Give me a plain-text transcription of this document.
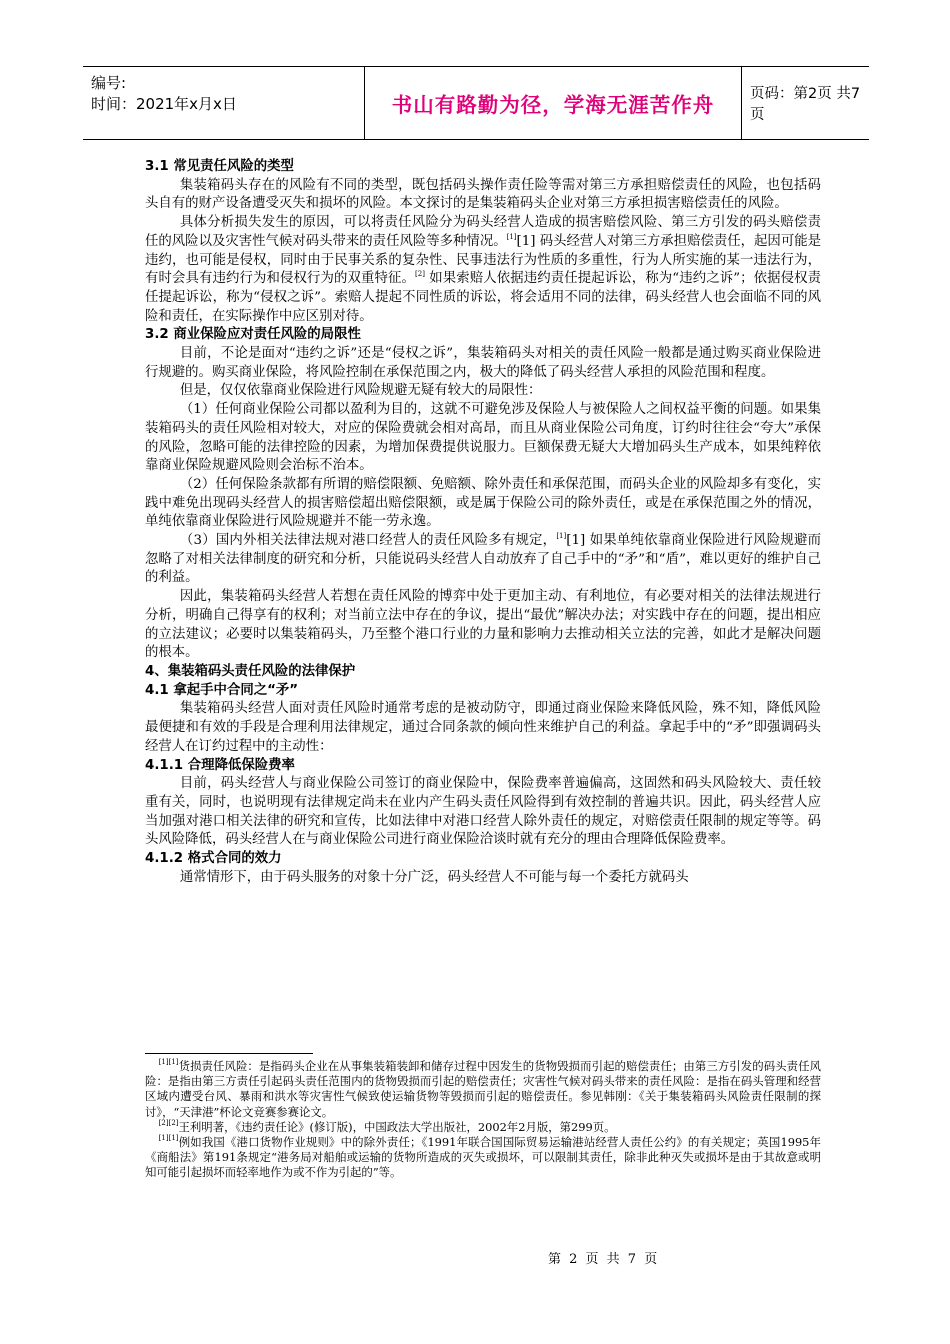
编号:
时间：2021年x月x日	书山有路勤为径，学海无涯苦作舟	页码：第2页 共7页

3.1 常见责任风险的类型

集装箱码头存在的风险有不同的类型，既包括码头操作责任险等需对第三方承担赔偿责任的风险，也包括码头自有的财产设备遭受灭失和损坏的风险。本文探讨的是集装箱码头企业对第三方承担损害赔偿责任的风险。

具体分析损失发生的原因，可以将责任风险分为码头经营人造成的损害赔偿风险、第三方引发的码头赔偿责任的风险以及灾害性气候对码头带来的责任风险等多种情况。[1][1] 码头经营人对第三方承担赔偿责任，起因可能是违约，也可能是侵权，同时由于民事关系的复杂性、民事违法行为性质的多重性，行为人所实施的某一违法行为，有时会具有违约行为和侵权行为的双重特征。[2] 如果索赔人依据违约责任提起诉讼，称为“违约之诉”；依据侵权责任提起诉讼，称为“侵权之诉”。索赔人提起不同性质的诉讼，将会适用不同的法律，码头经营人也会面临不同的风险和责任，在实际操作中应区别对待。

3.2 商业保险应对责任风险的局限性

目前，不论是面对“违约之诉”还是“侵权之诉”，集装箱码头对相关的责任风险一般都是通过购买商业保险进行规避的。购买商业保险，将风险控制在承保范围之内，极大的降低了码头经营人承担的风险范围和程度。

但是，仅仅依靠商业保险进行风险规避无疑有较大的局限性：

（1）任何商业保险公司都以盈利为目的，这就不可避免涉及保险人与被保险人之间权益平衡的问题。如果集装箱码头的责任风险相对较大，对应的保险费就会相对高昂，而且从商业保险公司角度，订约时往往会“夸大”承保的风险，忽略可能的法律控险的因素，为增加保费提供说服力。巨额保费无疑大大增加码头生产成本，如果纯粹依靠商业保险规避风险则会治标不治本。

（2）任何保险条款都有所谓的赔偿限额、免赔额、除外责任和承保范围，而码头企业的风险却多有变化，实践中难免出现码头经营人的损害赔偿超出赔偿限额，或是属于保险公司的除外责任，或是在承保范围之外的情况，单纯依靠商业保险进行风险规避并不能一劳永逸。

（3）国内外相关法律法规对港口经营人的责任风险多有规定，[1][1] 如果单纯依靠商业保险进行风险规避而忽略了对相关法律制度的研究和分析，只能说码头经营人自动放弃了自己手中的“矛”和“盾”，难以更好的维护自己的利益。

因此，集装箱码头经营人若想在责任风险的博弈中处于更加主动、有利地位，有必要对相关的法律法规进行分析，明确自己得享有的权利；对当前立法中存在的争议，提出“最优”解决办法；对实践中存在的问题，提出相应的立法建议；必要时以集装箱码头，乃至整个港口行业的力量和影响力去推动相关立法的完善，如此才是解决问题的根本。

4、集装箱码头责任风险的法律保护

4.1 拿起手中合同之“矛”

集装箱码头经营人面对责任风险时通常考虑的是被动防守，即通过商业保险来降低风险，殊不知，降低风险最便捷和有效的手段是合理利用法律规定，通过合同条款的倾向性来维护自己的利益。拿起手中的“矛”即强调码头经营人在订约过程中的主动性：

4.1.1 合理降低保险费率

目前，码头经营人与商业保险公司签订的商业保险中，保险费率普遍偏高，这固然和码头风险较大、责任较重有关，同时，也说明现有法律规定尚未在业内产生码头责任风险得到有效控制的普遍共识。因此，码头经营人应当加强对港口相关法律的研究和宣传，比如法律中对港口经营人除外责任的规定，对赔偿责任限制的规定等等。码头风险降低，码头经营人在与商业保险公司进行商业保险洽谈时就有充分的理由合理降低保险费率。

4.1.2 格式合同的效力

通常情形下，由于码头服务的对象十分广泛，码头经营人不可能与每一个委托方就码头

[1][1]货损责任风险：是指码头企业在从事集装箱装卸和储存过程中因发生的货物毁损而引起的赔偿责任；由第三方引发的码头责任风险：是指由第三方责任引起码头责任范围内的货物毁损而引起的赔偿责任；灾害性气候对码头带来的责任风险：是指在码头管理和经营区域内遭受台风、暴雨和洪水等灾害性气候致使运输货物等毁损而引起的赔偿责任。参见韩刚：《关于集装箱码头风险责任限制的探讨》，“天津港”杯论文竞赛参赛论文。

[2][2]王利明著，《违约责任论》(修订版)，中国政法大学出版社，2002年2月版，第299页。

[1][1]例如我国《港口货物作业规则》中的除外责任；《1991年联合国国际贸易运输港站经营人责任公约》的有关规定；英国1995年《商船法》第191条规定“港务局对船舶或运输的货物所造成的灭失或损坏，可以限制其责任，除非此种灭失或损坏是由于其故意或明知可能引起损坏而轻率地作为或不作为引起的”等。

第 2 页 共 7 页
